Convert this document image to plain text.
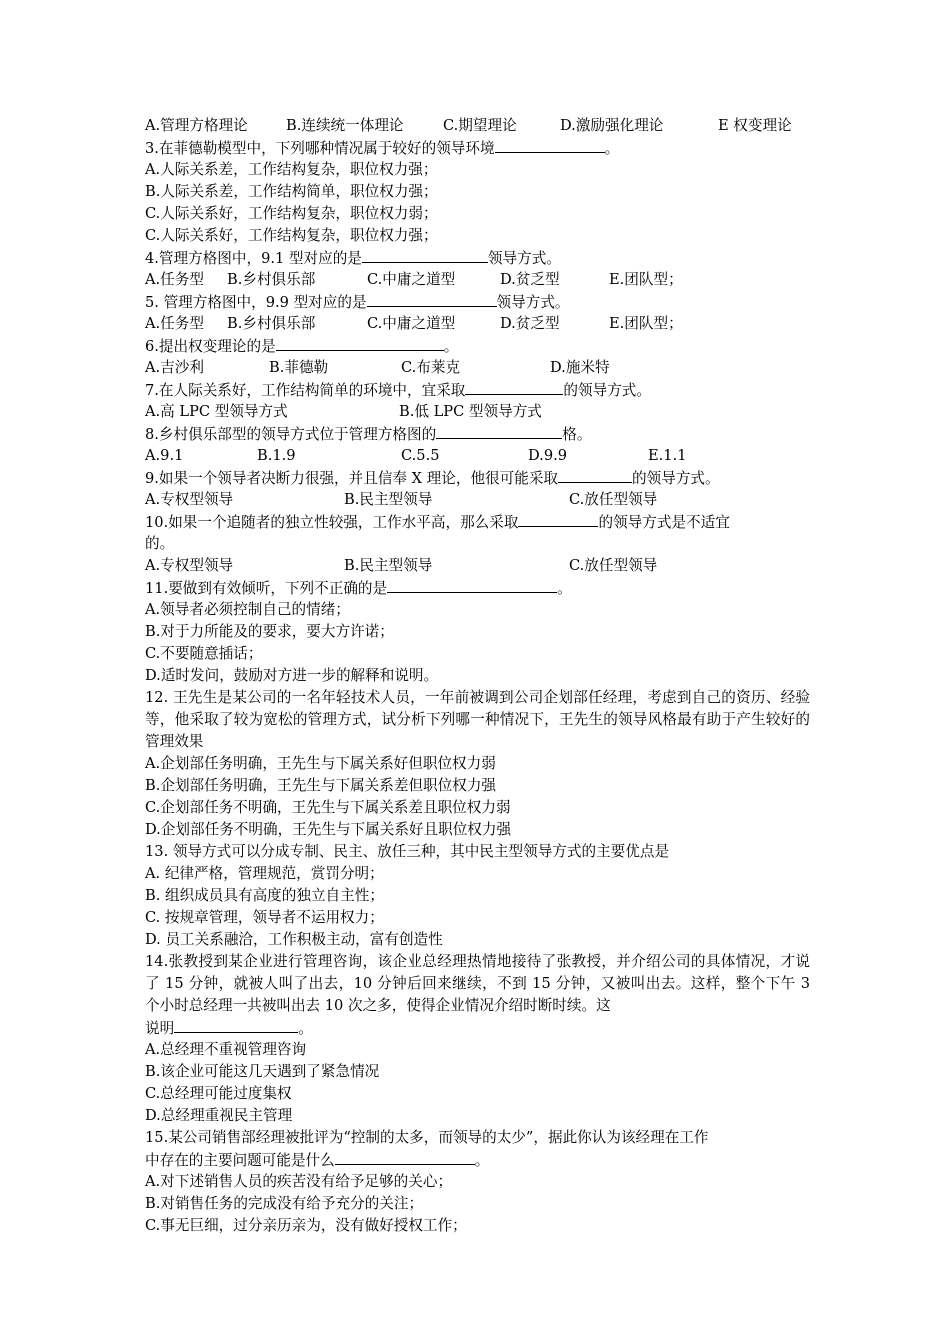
A.管理方格理论	B.连续统一体理论	C.期望理论	D.激励强化理论	E 权变理论
3.在菲德勒模型中，下列哪种情况属于较好的领导环境	。
A.人际关系差，工作结构复杂，职位权力强；
B.人际关系差，工作结构简单，职位权力强；
C.人际关系好，工作结构复杂，职位权力弱；
C.人际关系好，工作结构复杂，职位权力强；
4.管理方格图中，9.1 型对应的是	领导方式。
A.任务型 B.乡村俱乐部	C.中庸之道型	D.贫乏型	E.团队型；
5. 管理方格图中，9.9 型对应的是	领导方式。
A.任务型 B.乡村俱乐部	C.中庸之道型	D.贫乏型	E.团队型；
6.提出权变理论的是	。
A.吉沙利	B.菲德勒	C.布莱克	D.施米特
7.在人际关系好，工作结构简单的环境中，宜采取	的领导方式。
A.高 LPC 型领导方式	B.低 LPC 型领导方式
8.乡村俱乐部型的领导方式位于管理方格图的	格。
A.9.1	B.1.9	C.5.5	D.9.9	E.1.1
9.如果一个领导者决断力很强，并且信奉 X 理论，他很可能采取	的领导方式。
A.专权型领导	B.民主型领导	C.放任型领导
10.如果一个追随者的独立性较强，工作水平高，那么采取	的领导方式是不适宜
的。
A.专权型领导	B.民主型领导	C.放任型领导
11.要做到有效倾听，下列不正确的是	。
A.领导者必须控制自己的情绪；
B.对于力所能及的要求，要大方许诺；
C.不要随意插话；
D.适时发问，鼓励对方进一步的解释和说明。
12. 王先生是某公司的一名年轻技术人员，一年前被调到公司企划部任经理，考虑到自己的资历、经验等，他采取了较为宽松的管理方式，试分析下列哪一种情况下，王先生的领导风格最有助于产生较好的管理效果
A.企划部任务明确，王先生与下属关系好但职位权力弱
B.企划部任务明确，王先生与下属关系差但职位权力强
C.企划部任务不明确，王先生与下属关系差且职位权力弱
D.企划部任务不明确，王先生与下属关系好且职位权力强
13. 领导方式可以分成专制、民主、放任三种，其中民主型领导方式的主要优点是
A. 纪律严格，管理规范，赏罚分明；
B. 组织成员具有高度的独立自主性；
C. 按规章管理，领导者不运用权力；
D. 员工关系融洽，工作积极主动，富有创造性
14.张教授到某企业进行管理咨询，该企业总经理热情地接待了张教授，并介绍公司的具体情况，才说了 15 分钟，就被人叫了出去，10 分钟后回来继续，不到 15 分钟，又被叫出去。这样，整个下午 3 个小时总经理一共被叫出去 10 次之多，使得企业情况介绍时断时续。这
说明	。
A.总经理不重视管理咨询
B.该企业可能这几天遇到了紧急情况
C.总经理可能过度集权
D.总经理重视民主管理
15.某公司销售部经理被批评为“控制的太多，而领导的太少”，据此你认为该经理在工作
中存在的主要问题可能是什么	。
A.对下述销售人员的疾苦没有给予足够的关心；
B.对销售任务的完成没有给予充分的关注；
C.事无巨细，过分亲历亲为，没有做好授权工作；
